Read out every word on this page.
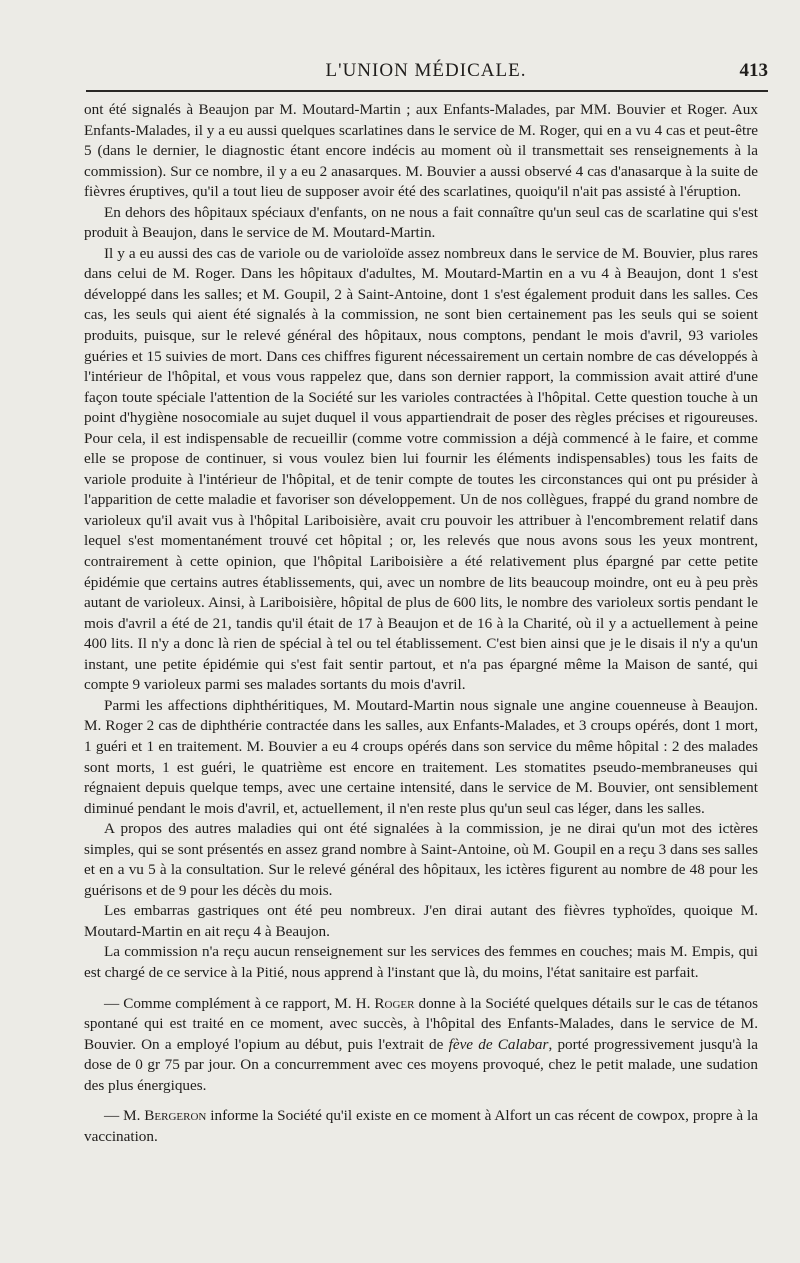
L'UNION MÉDICALE.	413

ont été signalés à Beaujon par M. Moutard-Martin ; aux Enfants-Malades, par MM. Bouvier et Roger. Aux Enfants-Malades, il y a eu aussi quelques scarlatines dans le service de M. Roger, qui en a vu 4 cas et peut-être 5 (dans le dernier, le diagnostic étant encore indécis au moment où il transmettait ses renseignements à la commission). Sur ce nombre, il y a eu 2 anasarques. M. Bouvier a aussi observé 4 cas d'anasarque à la suite de fièvres éruptives, qu'il a tout lieu de supposer avoir été des scarlatines, quoiqu'il n'ait pas assisté à l'éruption.

En dehors des hôpitaux spéciaux d'enfants, on ne nous a fait connaître qu'un seul cas de scarlatine qui s'est produit à Beaujon, dans le service de M. Moutard-Martin.

Il y a eu aussi des cas de variole ou de varioloïde assez nombreux dans le service de M. Bouvier, plus rares dans celui de M. Roger. Dans les hôpitaux d'adultes, M. Moutard-Martin en a vu 4 à Beaujon, dont 1 s'est développé dans les salles; et M. Goupil, 2 à Saint-Antoine, dont 1 s'est également produit dans les salles. Ces cas, les seuls qui aient été signalés à la commission, ne sont bien certainement pas les seuls qui se soient produits, puisque, sur le relevé général des hôpitaux, nous comptons, pendant le mois d'avril, 93 varioles guéries et 15 suivies de mort. Dans ces chiffres figurent nécessairement un certain nombre de cas développés à l'intérieur de l'hôpital, et vous vous rappelez que, dans son dernier rapport, la commission avait attiré d'une façon toute spéciale l'attention de la Société sur les varioles contractées à l'hôpital. Cette question touche à un point d'hygiène nosocomiale au sujet duquel il vous appartiendrait de poser des règles précises et rigoureuses. Pour cela, il est indispensable de recueillir (comme votre commission a déjà commencé à le faire, et comme elle se propose de continuer, si vous voulez bien lui fournir les éléments indispensables) tous les faits de variole produite à l'intérieur de l'hôpital, et de tenir compte de toutes les circonstances qui ont pu présider à l'apparition de cette maladie et favoriser son développement. Un de nos collègues, frappé du grand nombre de varioleux qu'il avait vus à l'hôpital Lariboisière, avait cru pouvoir les attribuer à l'encombrement relatif dans lequel s'est momentanément trouvé cet hôpital ; or, les relevés que nous avons sous les yeux montrent, contrairement à cette opinion, que l'hôpital Lariboisière a été relativement plus épargné par cette petite épidémie que certains autres établissements, qui, avec un nombre de lits beaucoup moindre, ont eu à peu près autant de varioleux. Ainsi, à Lariboisière, hôpital de plus de 600 lits, le nombre des varioleux sortis pendant le mois d'avril a été de 21, tandis qu'il était de 17 à Beaujon et de 16 à la Charité, où il y a actuellement à peine 400 lits. Il n'y a donc là rien de spécial à tel ou tel établissement. C'est bien ainsi que je le disais il n'y a qu'un instant, une petite épidémie qui s'est fait sentir partout, et n'a pas épargné même la Maison de santé, qui compte 9 varioleux parmi ses malades sortants du mois d'avril.

Parmi les affections diphthéritiques, M. Moutard-Martin nous signale une angine couenneuse à Beaujon. M. Roger 2 cas de diphthérie contractée dans les salles, aux Enfants-Malades, et 3 croups opérés, dont 1 mort, 1 guéri et 1 en traitement. M. Bouvier a eu 4 croups opérés dans son service du même hôpital : 2 des malades sont morts, 1 est guéri, le quatrième est encore en traitement. Les stomatites pseudo-membraneuses qui régnaient depuis quelque temps, avec une certaine intensité, dans le service de M. Bouvier, ont sensiblement diminué pendant le mois d'avril, et, actuellement, il n'en reste plus qu'un seul cas léger, dans les salles.

A propos des autres maladies qui ont été signalées à la commission, je ne dirai qu'un mot des ictères simples, qui se sont présentés en assez grand nombre à Saint-Antoine, où M. Goupil en a reçu 3 dans ses salles et en a vu 5 à la consultation. Sur le relevé général des hôpitaux, les ictères figurent au nombre de 48 pour les guérisons et de 9 pour les décès du mois.

Les embarras gastriques ont été peu nombreux. J'en dirai autant des fièvres typhoïdes, quoique M. Moutard-Martin en ait reçu 4 à Beaujon.

La commission n'a reçu aucun renseignement sur les services des femmes en couches; mais M. Empis, qui est chargé de ce service à la Pitié, nous apprend à l'instant que là, du moins, l'état sanitaire est parfait.

— Comme complément à ce rapport, M. H. Roger donne à la Société quelques détails sur le cas de tétanos spontané qui est traité en ce moment, avec succès, à l'hôpital des Enfants-Malades, dans le service de M. Bouvier. On a employé l'opium au début, puis l'extrait de fève de Calabar, porté progressivement jusqu'à la dose de 0 gr 75 par jour. On a concurremment avec ces moyens provoqué, chez le petit malade, une sudation des plus énergiques.

— M. Bergeron informe la Société qu'il existe en ce moment à Alfort un cas récent de cowpox, propre à la vaccination.
